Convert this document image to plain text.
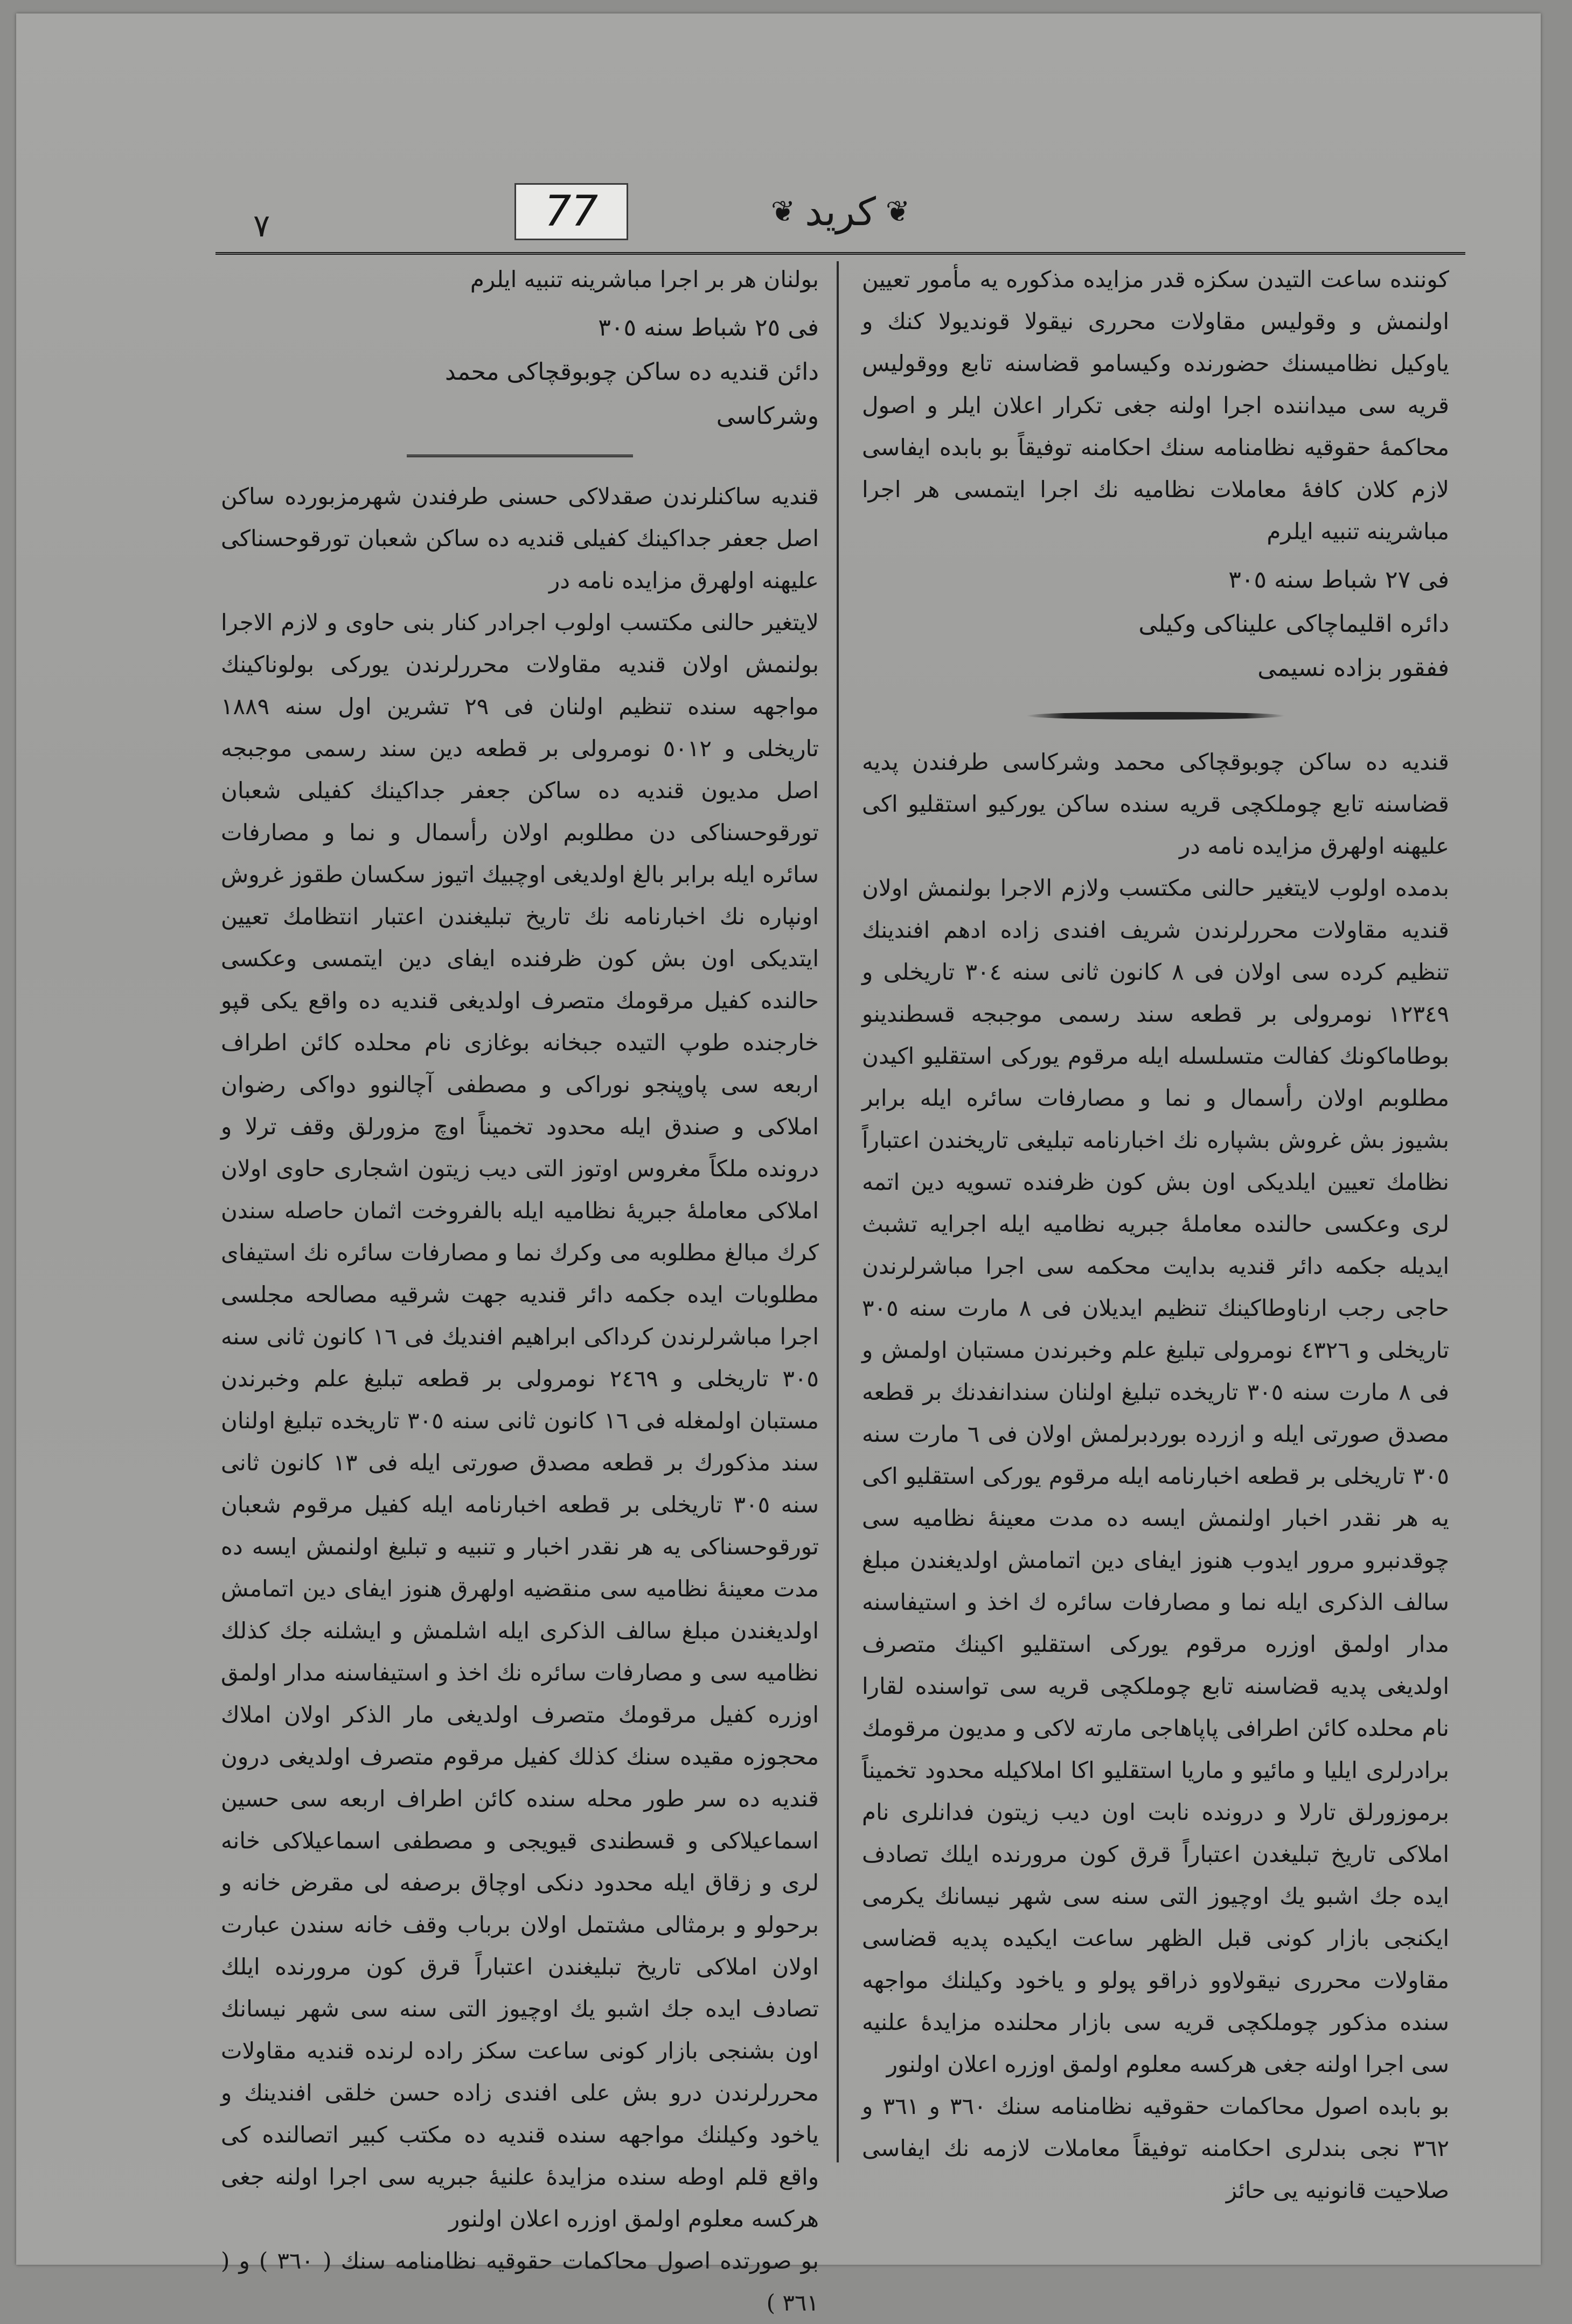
77	❦
كريد
❦
٧

كوننده ساعت التيدن سكزه قدر مزايده مذكوره يه مأمور تعيين اولنمش و وقوليس مقاولات محررى نيقولا قونديولا كنك و ياوكيل نظاميسنك حضورنده وكيسامو قضاسنه تابع ووقوليس قريه سى ميداننده اجرا اولنه جغى تكرار اعلان ايلر و اصول محاكمهٔ حقوقيه نظامنامه سنك احكامنه توفيقاً بو بابده ايفاسى لازم كلان كافهٔ معاملات نظاميه نك اجرا ايتمسى هر اجرا مباشرينه تنبيه ايلرم

فى ٢٧ شباط سنه ٣٠٥
دائره اقليماچاكى عليناكى وكيلى
ففقور بزاده نسيمى

قنديه ده ساكن چوبوقچاكى محمد وشركاسى طرفندن پديه قضاسنه تابع چوملكچى قريه سنده ساكن يوركيو استقليو اكى عليهنه اولهرق مزايده نامه در

بدمده اولوب لايتغير حالنى مكتسب ولازم الاجرا بولنمش اولان قنديه مقاولات محررلرندن شريف افندى زاده ادهم افندينك تنظيم كرده سى اولان فى ٨ كانون ثانى سنه ٣٠٤ تاريخلى و ١٢٣٤٩ نومرولى بر قطعه سند رسمى موجبجه قسطندينو بوطاماكونك كفالت متسلسله ايله مرقوم يوركى استقليو اكيدن مطلوبم اولان رأسمال و نما و مصارفات سائره ايله برابر بشيوز بش غروش بشپاره نك اخبارنامه تبليغى تاريخندن اعتباراً نظامك تعيين ايلديكى اون بش كون ظرفنده تسويه دين اتمه لرى وعكسى حالنده معاملهٔ جبريه نظاميه ايله اجرايه تشبث ايديله جكمه دائر قنديه بدايت محكمه سى اجرا مباشرلرندن حاجى رجب ارناوطاكينك تنظيم ايديلان فى ٨ مارت سنه ٣٠٥ تاريخلى و ٤٣٢٦ نومرولى تبليغ علم وخبرندن مستبان اولمش و فى ٨ مارت سنه ٣٠٥ تاريخده تبليغ اولنان سندانفدنك بر قطعه مصدق صورتى ايله و ازرده بوردبرلمش اولان فى ٦ مارت سنه ٣٠٥ تاريخلى بر قطعه اخبارنامه ايله مرقوم يوركى استقليو اكى يه هر نقدر اخبار اولنمش ايسه ده مدت معينهٔ نظاميه سى چوقدنبرو مرور ايدوب هنوز ايفاى دين اتمامش اولديغندن مبلغ سالف الذكرى ايله نما و مصارفات سائره ك اخذ و استيفاسنه مدار اولمق اوزره مرقوم يوركى استقليو اكينك متصرف اولديغى پديه قضاسنه تابع چوملكچى قريه سى تواسنده لقارا نام محلده كائن اطرافى پاپاهاجى مارته لاكى و مديون مرقومك برادرلرى ايليا و مائيو و ماريا استقليو اكا املاكيله محدود تخميناً برموزورلق تارلا و درونده نابت اون ديب زيتون فدانلرى نام املاكى تاريخ تبليغدن اعتباراً قرق كون مرورنده ايلك تصادف ايده جك اشبو يك اوچيوز التى سنه سى شهر نيسانك يكرمى ايكنجى بازار كونى قبل الظهر ساعت ايكيده پديه قضاسى مقاولات محررى نيقولاوو ذراقو پولو و ياخود وكيلنك مواجهه سنده مذكور چوملكچى قريه سى بازار محلنده مزايدهٔ علنيه سى اجرا اولنه جغى هركسه معلوم اولمق اوزره اعلان اولنور

بو بابده اصول محاكمات حقوقيه نظامنامه سنك ٣٦٠ و ٣٦١ و ٣٦٢ نجى بندلرى احكامنه توفيقاً معاملات لازمه نك ايفاسى صلاحيت قانونيه يى حائز

بولنان هر بر اجرا مباشرينه تنبيه ايلرم

فى ٢٥ شباط سنه ٣٠٥
دائن قنديه ده ساكن چوبوقچاكى محمد
وشركاسى

قنديه ساكنلرندن صقدلاكى حسنى طرفندن شهرمزبورده ساكن اصل جعفر جداكينك كفيلى قنديه ده ساكن شعبان تورقوحسناكى عليهنه اولهرق مزايده نامه در

لايتغير حالنى مكتسب اولوب اجرادر كنار بنى حاوى و لازم الاجرا بولنمش اولان قنديه مقاولات محررلرندن يوركى بولوناكينك مواجهه سنده تنظيم اولنان فى ٢٩ تشرين اول سنه ١٨٨٩ تاريخلى و ٥٠١٢ نومرولى بر قطعه دين سند رسمى موجبجه اصل مديون قنديه ده ساكن جعفر جداكينك كفيلى شعبان تورقوحسناكى دن مطلوبم اولان رأسمال و نما و مصارفات سائره ايله برابر بالغ اولديغى اوچبيك اتيوز سكسان طقوز غروش اونپاره نك اخبارنامه نك تاريخ تبليغندن اعتبار انتظامك تعيين ايتديكى اون بش كون ظرفنده ايفاى دين ايتمسى وعكسى حالنده كفيل مرقومك متصرف اولديغى قنديه ده واقع يكى قپو خارجنده طوپ التيده جبخانه بوغازى نام محلده كائن اطراف اربعه سى پاوپنجو نوراكى و مصطفى آچالنوو دواكى رضوان املاكى و صندق ايله محدود تخميناً اوچ مزورلق وقف ترلا و درونده ملكاً مغروس اوتوز التى ديب زيتون اشجارى حاوى اولان املاكى معاملهٔ جبريهٔ نظاميه ايله بالفروخت اثمان حاصله سندن كرك مبالغ مطلوبه مى وكرك نما و مصارفات سائره نك استيفاى مطلوبات ايده جكمه دائر قنديه جهت شرقيه مصالحه مجلسى اجرا مباشرلرندن كرداكى ابراهيم افنديك فى ١٦ كانون ثانى سنه ٣٠٥ تاريخلى و ٢٤٦٩ نومرولى بر قطعه تبليغ علم وخبرندن مستبان اولمغله فى ١٦ كانون ثانى سنه ٣٠٥ تاريخده تبليغ اولنان سند مذكورك بر قطعه مصدق صورتى ايله فى ١٣ كانون ثانى سنه ٣٠٥ تاريخلى بر قطعه اخبارنامه ايله كفيل مرقوم شعبان تورقوحسناكى يه هر نقدر اخبار و تنبيه و تبليغ اولنمش ايسه ده مدت معينهٔ نظاميه سى منقضيه اولهرق هنوز ايفاى دين اتمامش اولديغندن مبلغ سالف الذكرى ايله اشلمش و ايشلنه جك كذلك نظاميه سى و مصارفات سائره نك اخذ و استيفاسنه مدار اولمق اوزره كفيل مرقومك متصرف اولديغى مار الذكر اولان املاك محجوزه مقيده سنك كذلك كفيل مرقوم متصرف اولديغى درون قنديه ده سر طور محله سنده كائن اطراف اربعه سى حسين اسماعيلاكى و قسطندى قيويجى و مصطفى اسماعيلاكى خانه لرى و زقاق ايله محدود دنكى اوچاق برصفه لى مقرض خانه و برحولو و برمثالى مشتمل اولان برباب وقف خانه سندن عبارت اولان املاكى تاريخ تبليغندن اعتباراً قرق كون مرورنده ايلك تصادف ايده جك اشبو يك اوچيوز التى سنه سى شهر نيسانك اون بشنجى بازار كونى ساعت سكز راده لرنده قنديه مقاولات محررلرندن درو بش على افندى زاده حسن خلقى افندينك و ياخود وكيلنك مواجهه سنده قنديه ده مكتب كبير اتصالنده كى واقع قلم اوطه سنده مزايدهٔ علنيهٔ جبريه سى اجرا اولنه جغى هركسه معلوم اولمق اوزره اعلان اولنور

بو صورتده اصول محاكمات حقوقيه نظامنامه سنك ( ٣٦٠ ) و ( ٣٦١ )
